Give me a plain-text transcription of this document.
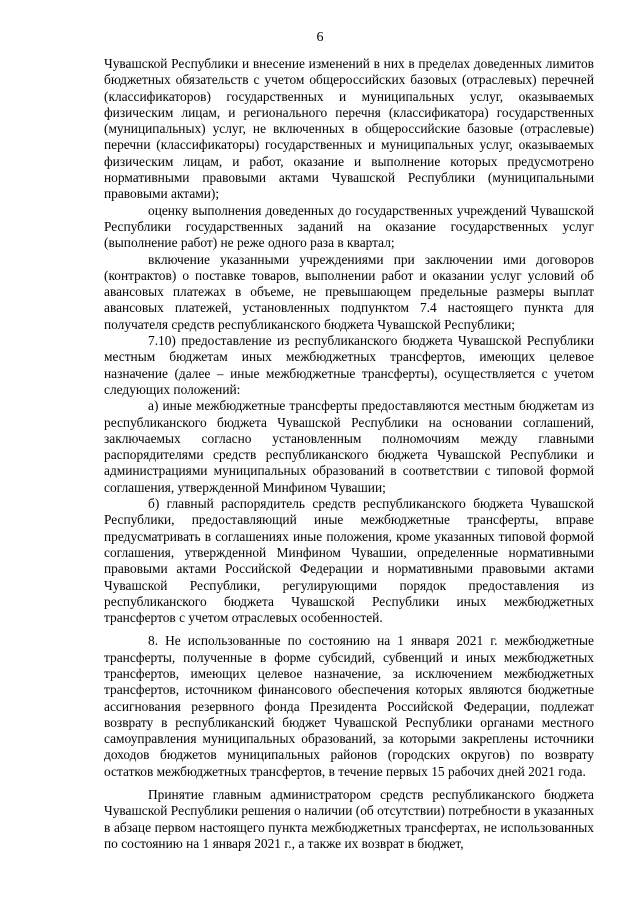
6

Чувашской Республики и внесение изменений в них в пределах доведенных лимитов бюджетных обязательств с учетом общероссийских базовых (отраслевых) перечней (классификаторов) государственных и муниципальных услуг, оказываемых физическим лицам, и регионального перечня (классификатора) государственных (муниципальных) услуг, не включенных в общероссийские базовые (отраслевые) перечни (классификаторы) государственных и муниципальных услуг, оказываемых физическим лицам, и работ, оказание и выполнение которых предусмотрено нормативными правовыми актами Чувашской Республики (муниципальными правовыми актами);

оценку выполнения доведенных до государственных учреждений Чувашской Республики государственных заданий на оказание государственных услуг (выполнение работ) не реже одного раза в квартал;

включение указанными учреждениями при заключении ими договоров (контрактов) о поставке товаров, выполнении работ и оказании услуг условий об авансовых платежах в объеме, не превышающем предельные размеры выплат авансовых платежей, установленных подпунктом 7.4 настоящего пункта для получателя средств республиканского бюджета Чувашской Республики;

7.10) предоставление из республиканского бюджета Чувашской Республики местным бюджетам иных межбюджетных трансфертов, имеющих целевое назначение (далее – иные межбюджетные трансферты), осуществляется с учетом следующих положений:

а) иные межбюджетные трансферты предоставляются местным бюджетам из республиканского бюджета Чувашской Республики на основании соглашений, заключаемых согласно установленным полномочиям между главными распорядителями средств республиканского бюджета Чувашской Республики и администрациями муниципальных образований в соответствии с типовой формой соглашения, утвержденной Минфином Чувашии;

б) главный распорядитель средств республиканского бюджета Чувашской Республики, предоставляющий иные межбюджетные трансферты, вправе предусматривать в соглашениях иные положения, кроме указанных типовой формой соглашения, утвержденной Минфином Чувашии, определенные нормативными правовыми актами Российской Федерации и нормативными правовыми актами Чувашской Республики, регулирующими порядок предоставления из республиканского бюджета Чувашской Республики иных межбюджетных трансфертов с учетом отраслевых особенностей.

8. Не использованные по состоянию на 1 января 2021 г. межбюджетные трансферты, полученные в форме субсидий, субвенций и иных межбюджетных трансфертов, имеющих целевое назначение, за исключением межбюджетных трансфертов, источником финансового обеспечения которых являются бюджетные ассигнования резервного фонда Президента Российской Федерации, подлежат возврату в республиканский бюджет Чувашской Республики органами местного самоуправления муниципальных образований, за которыми закреплены источники доходов бюджетов муниципальных районов (городских округов) по возврату остатков межбюджетных трансфертов, в течение первых 15 рабочих дней 2021 года.

Принятие главным администратором средств республиканского бюджета Чувашской Республики решения о наличии (об отсутствии) потребности в указанных в абзаце первом настоящего пункта межбюджетных трансфертах, не использованных по состоянию на 1 января 2021 г., а также их возврат в бюджет,
